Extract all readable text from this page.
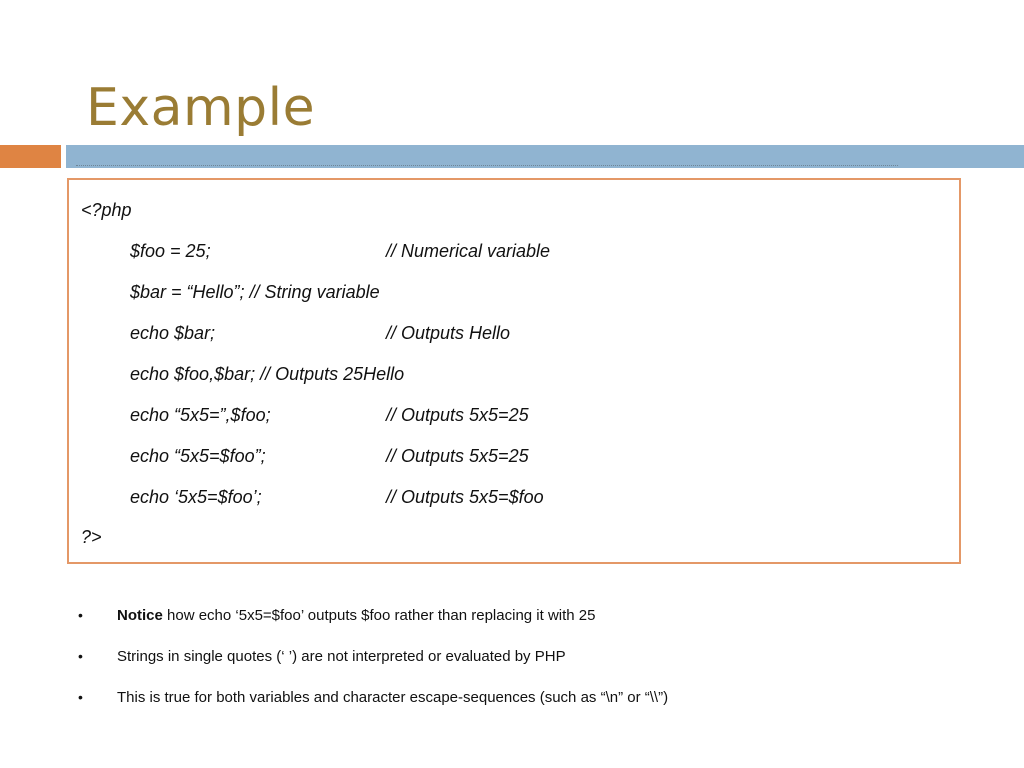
Example
<?php
$foo = 25;	// Numerical variable
$bar = “Hello”; // String variable
echo $bar;	// Outputs Hello
echo $foo,$bar; // Outputs 25Hello
echo “5x5=”,$foo;	// Outputs 5x5=25
echo “5x5=$foo”;	// Outputs 5x5=25
echo ‘5x5=$foo’;	// Outputs 5x5=$foo
?>
• Notice how echo ‘5x5=$foo’ outputs $foo rather than replacing it with 25
• Strings in single quotes (‘ ’) are not interpreted or evaluated by PHP
• This is true for both variables and character escape-sequences (such as “\n” or “\\”)
